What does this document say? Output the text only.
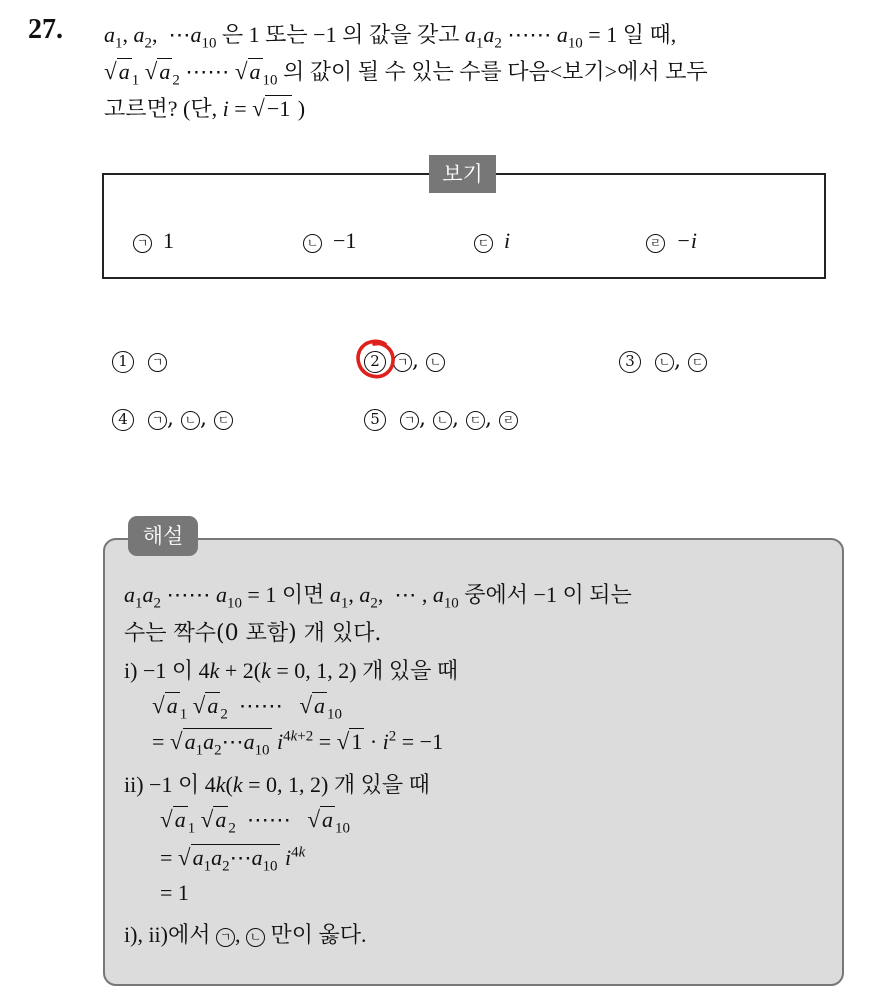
27. $a_1$, $a_2$,  $\cdots a_{10}$ 은 1 또는 −1 의 값을 갖고 $a_1a_2$ ⋯⋯ $a_{10} = 1$ 일 때,
√a $_1$ √a $_2$ ⋯⋯ √a $_{10}$ 의 값이 될 수 있는 수를 다음<보기>에서 모두
고르면? (단, i = √−1 )
보기
ㄱ 1	ㄴ −1	ㄷ i	ㄹ −i
1 ㄱ	2 ㄱ , ㄴ	3 ㄴ , ㄷ
4 ㄱ , ㄴ , ㄷ	5 ㄱ , ㄴ , ㄷ , ㄹ
해설
$a_1a_2$ ⋯⋯ $a_{10} = 1$ 이면 $a_1$, $a_2$,  ⋯ , $a_{10}$ 중에서 −1 이 되는
수는 짝수(0 포함) 개 있다.
i) −1 이 4k + 2(k = 0, 1, 2) 개 있을 때
√a $_1$ √a $_2$  ⋯⋯   √a $_{10}$
= $√a_1a_2\cdots a_{10}$ $i^{4k+2} = √1 \cdot i^2 = -1$
ii) −1 이 4k(k = 0, 1, 2) 개 있을 때
√a $_1$ √a $_2$  ⋯⋯   √a $_{10}$
= $√a_1a_2\cdots a_{10}$ $i^{4k}$
= 1
i), ii)에서 ㄱ , ㄴ 만이 옳다.
